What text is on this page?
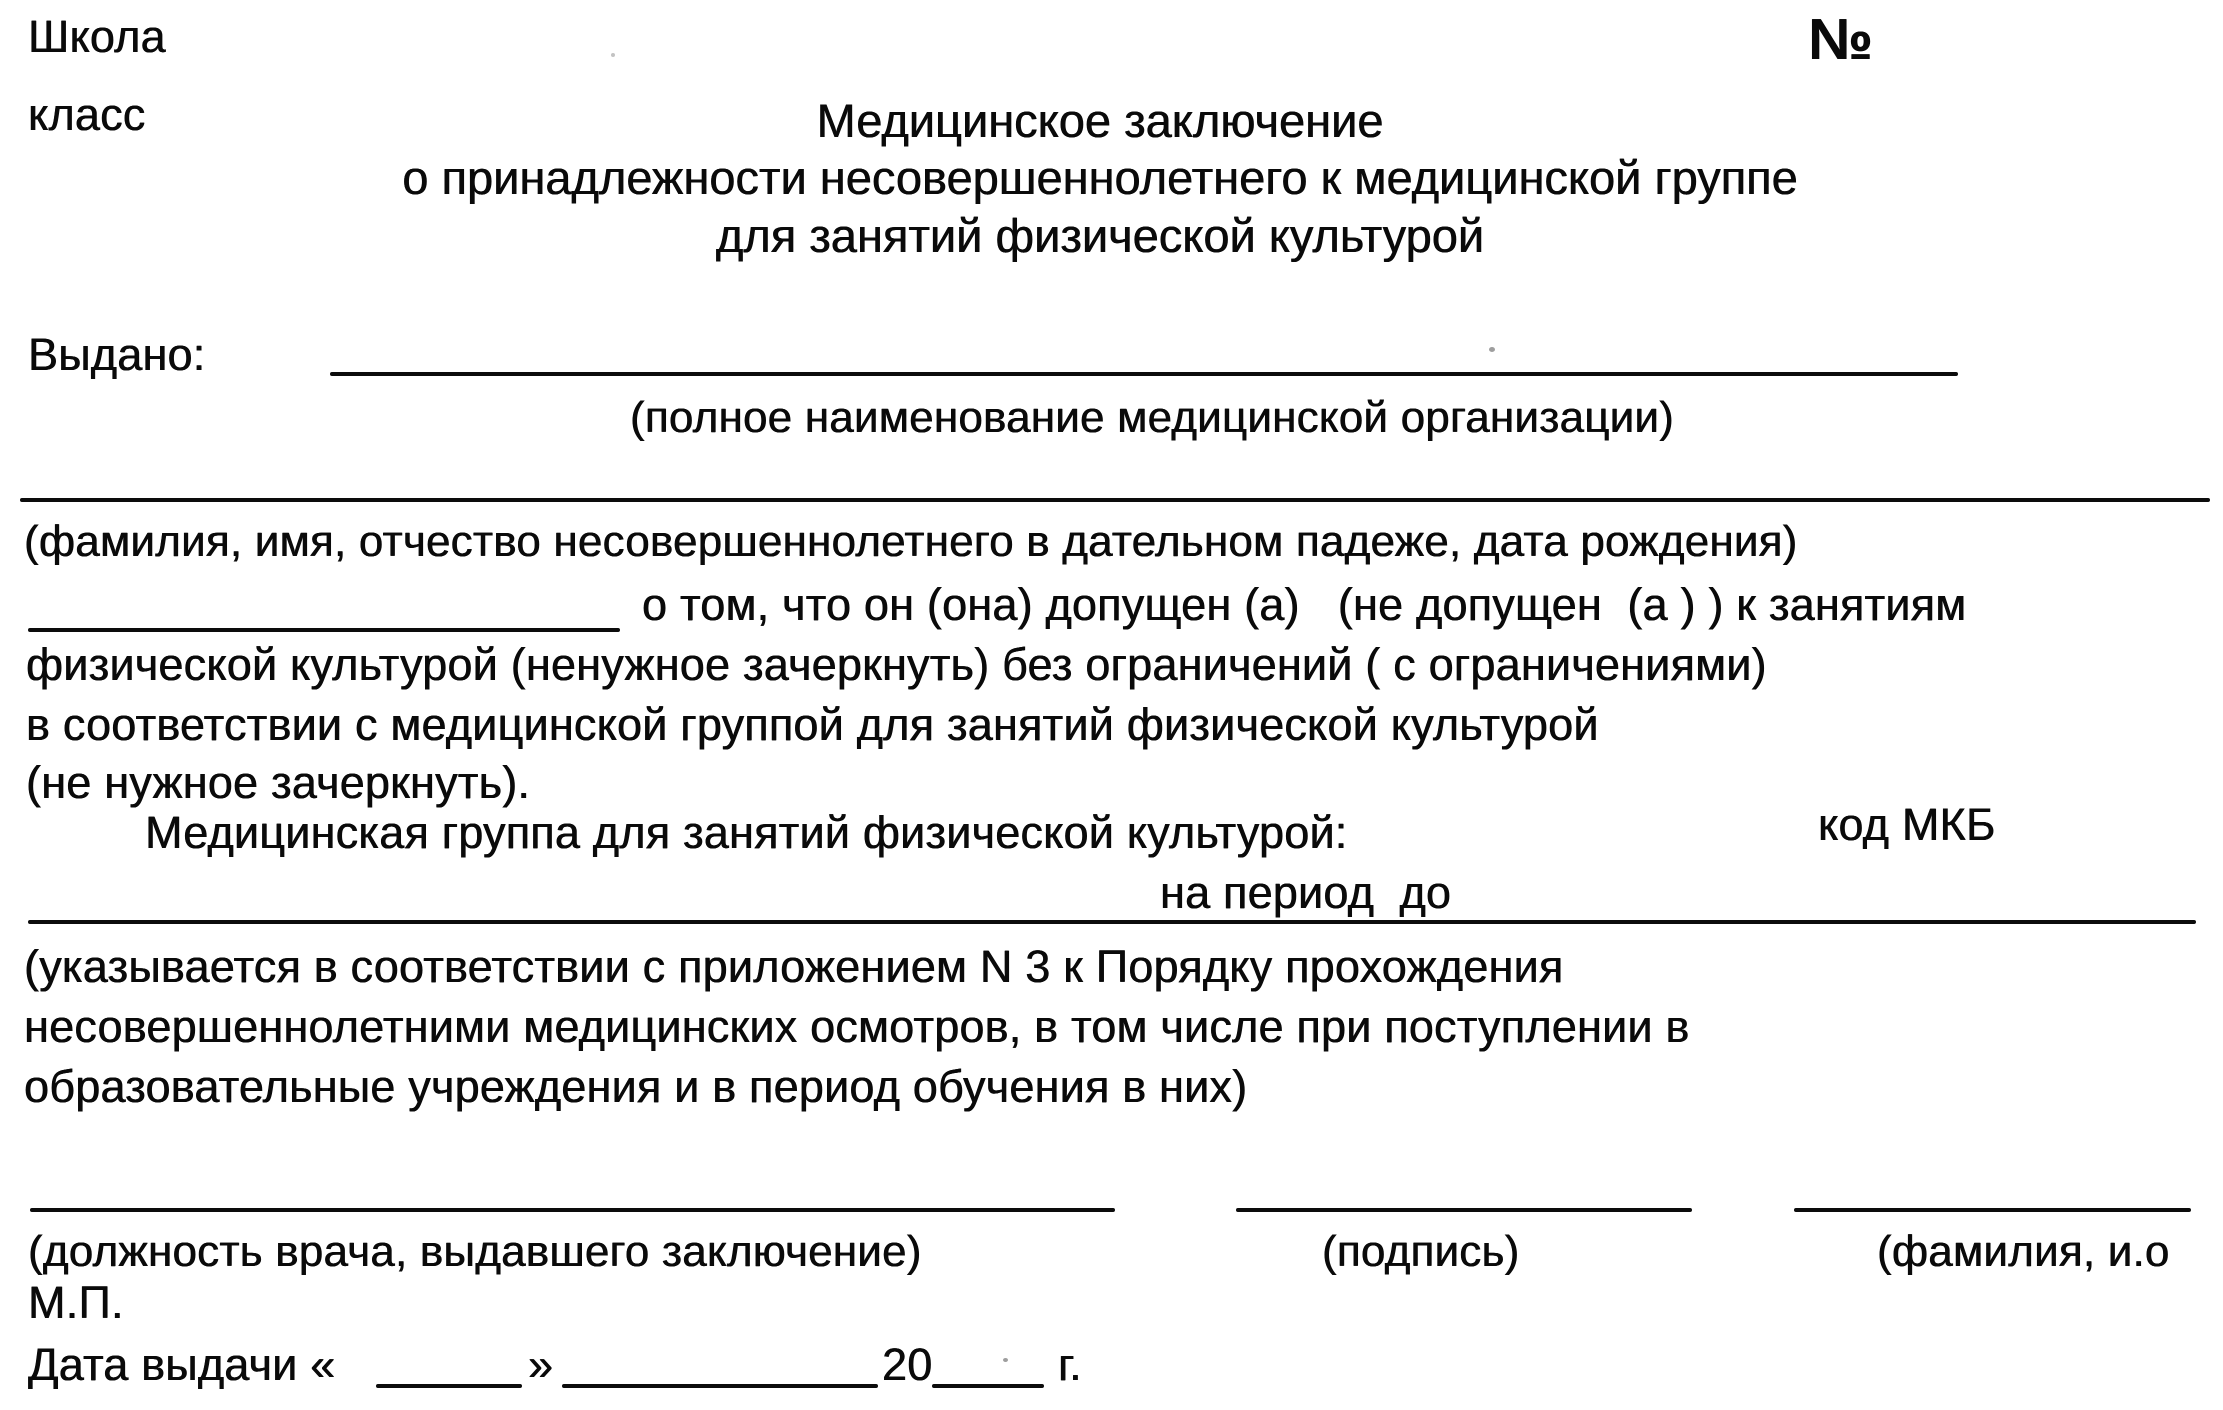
Школа
класс
№
Медицинское заключение
о принадлежности несовершеннолетнего к медицинской группе
для занятий физической культурой
Выдано:
(полное наименование медицинской организации)
(фамилия, имя, отчество несовершеннолетнего в дательном падеже, дата рождения)
о том, что он (она) допущен (а)   (не допущен  (а ) ) к занятиям
физической культурой (ненужное зачеркнуть) без ограничений ( с ограничениями)
в соответствии с медицинской группой для занятий физической культурой
(не нужное зачеркнуть).
Медицинская группа для занятий физической культурой:	код МКБ
на период  до
(указывается в соответствии с приложением N 3 к Порядку прохождения
несовершеннолетними медицинских осмотров, в том числе при поступлении в
образовательные учреждения и в период обучения в них)
(должность врача, выдавшего заключение)	(подпись)	(фамилия, и.о
М.П.
Дата выдачи «	»	20	г.
